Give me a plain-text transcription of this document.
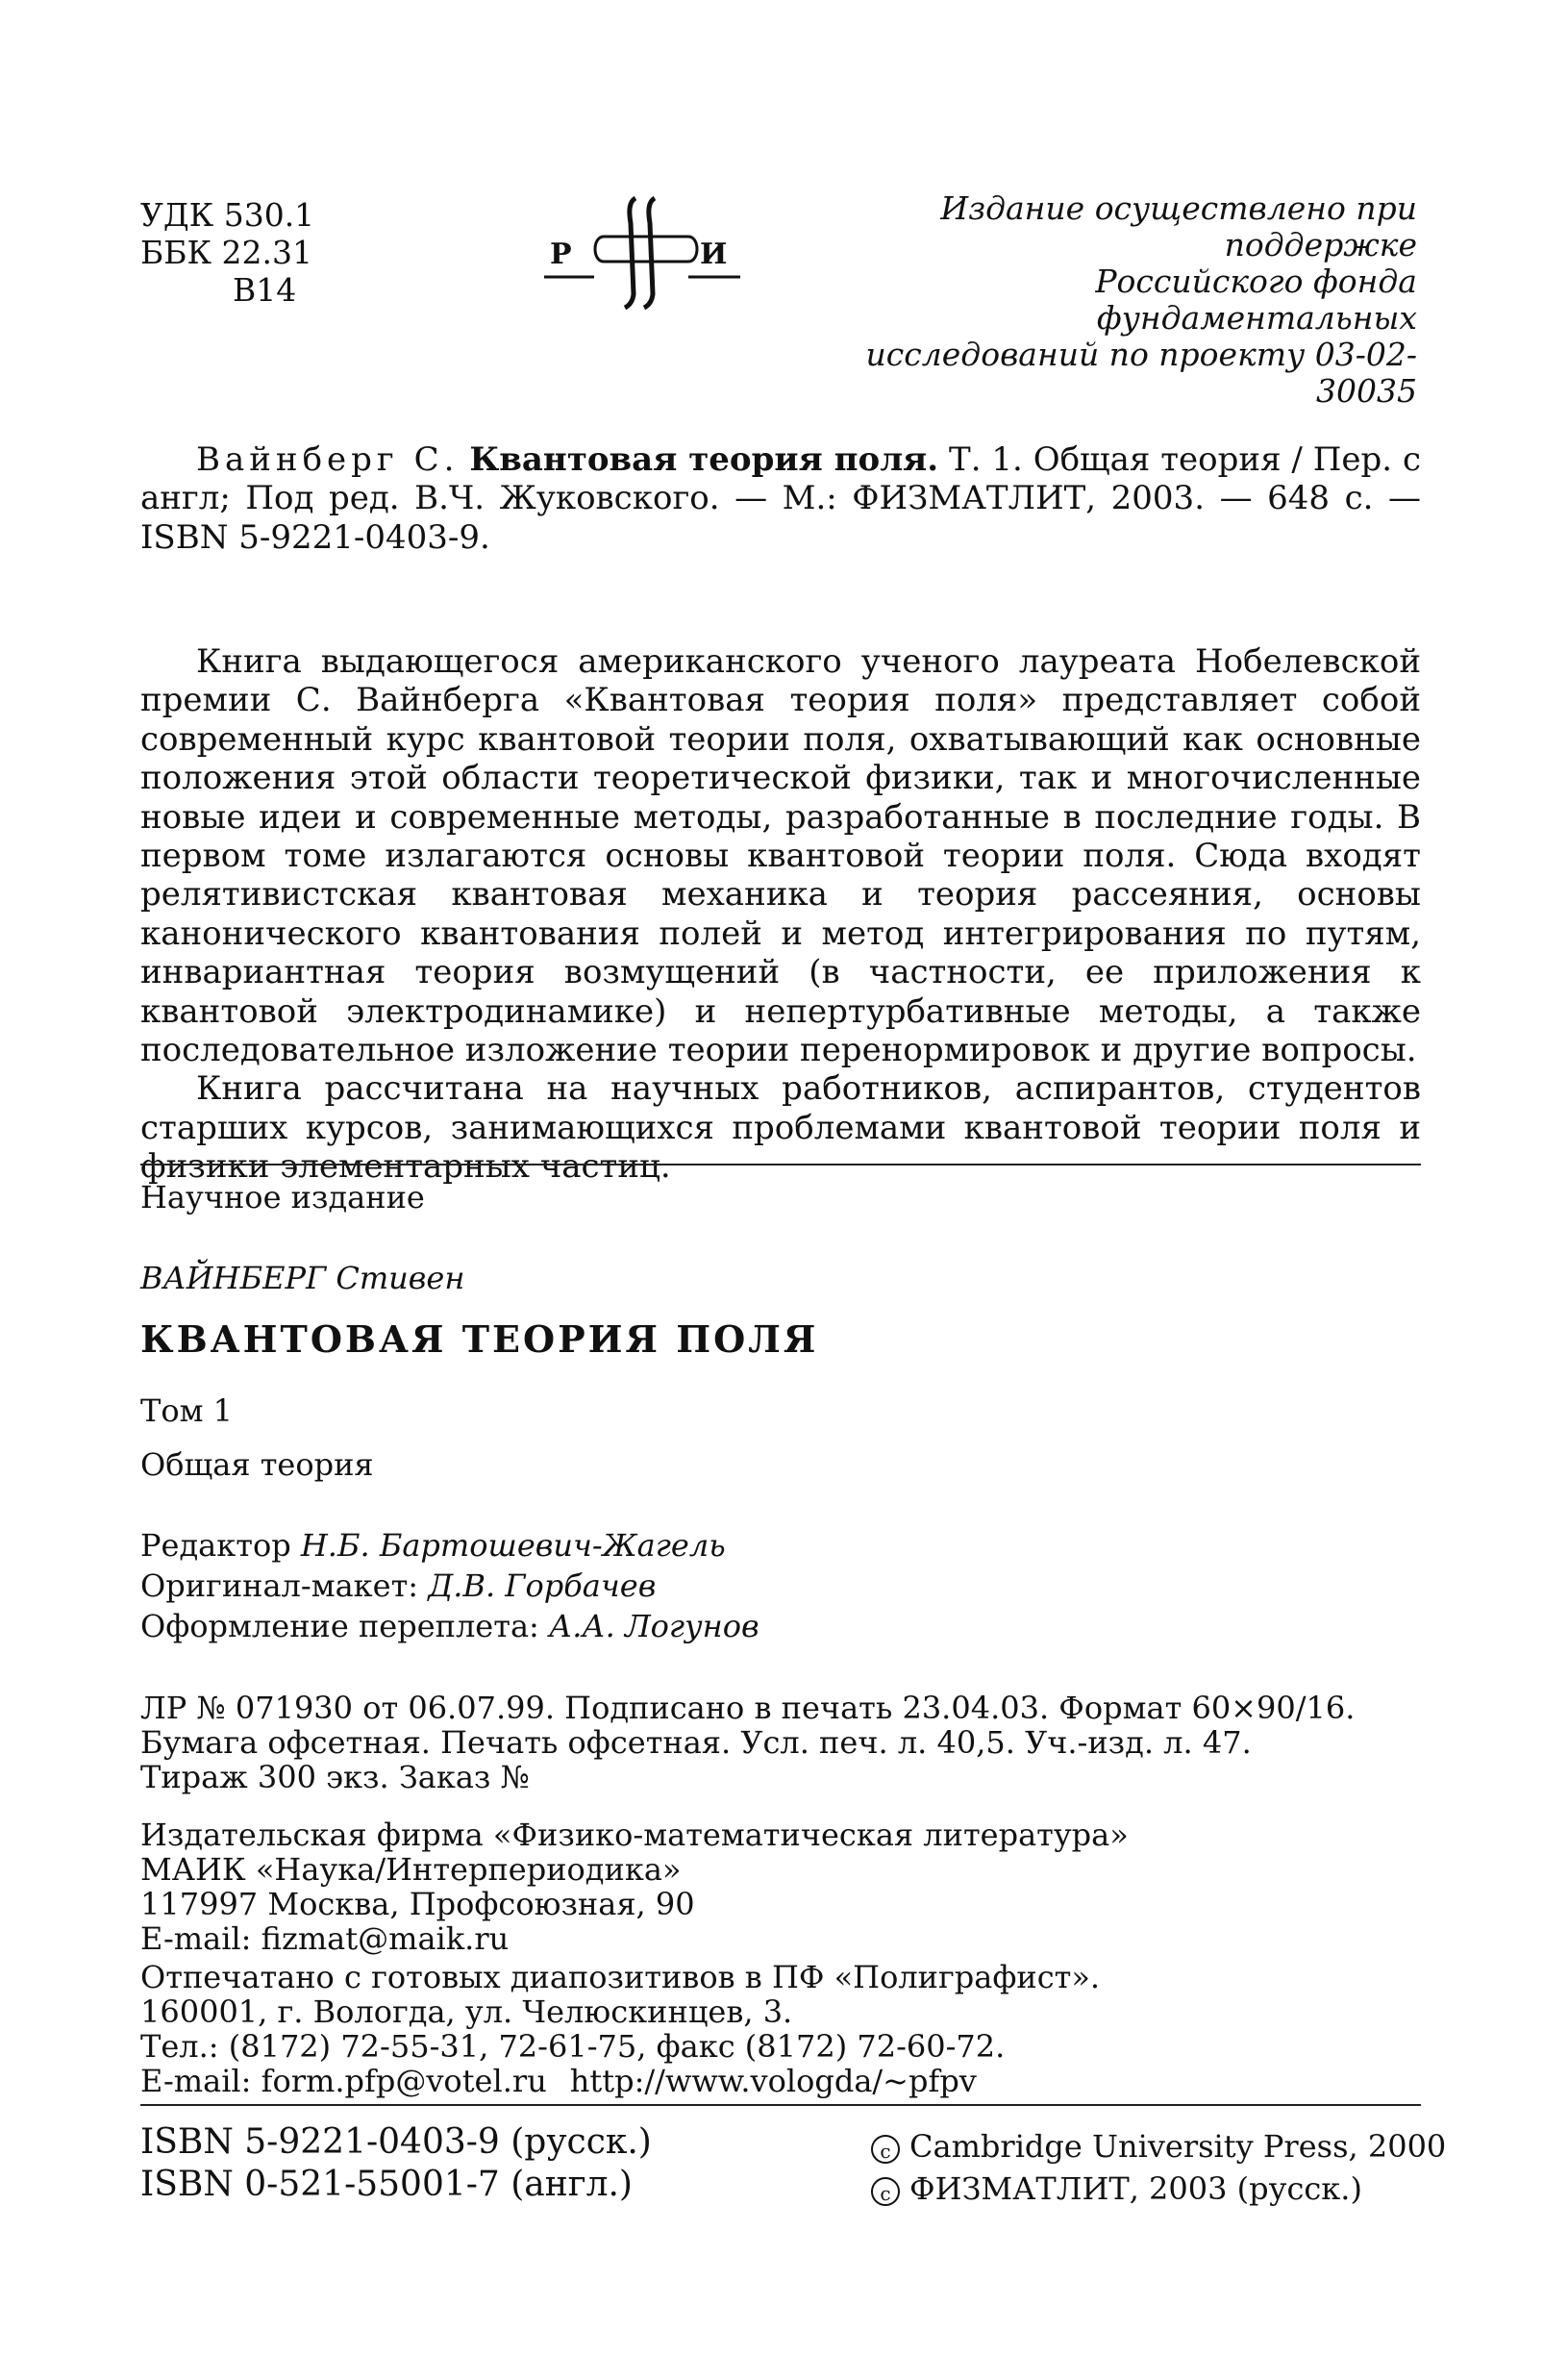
УДК 530.1
ББК 22.31
В14
Р	И
Издание осуществлено при поддержке
Российского фонда фундаментальных
исследований по проекту 03-02-30035
Вайнберг С. Квантовая теория поля. Т. 1. Общая теория / Пер. с англ; Под ред. В.Ч. Жуковского. — М.: ФИЗМАТЛИТ, 2003. — 648 с. — ISBN 5-9221-0403-9.

Книга выдающегося американского ученого лауреата Нобелевской премии С. Вайнберга «Квантовая теория поля» представляет собой современный курс квантовой теории поля, охватывающий как основные положения этой области теоретической физики, так и многочисленные новые идеи и современные методы, разработанные в последние годы. В первом томе излагаются основы квантовой теории поля. Сюда входят релятивистская квантовая механика и теория рассеяния, основы канонического квантования полей и метод интегрирования по путям, инвариантная теория возмущений (в частности, ее приложения к квантовой электродинамике) и непертурбативные методы, а также последовательное изложение теории перенормировок и другие вопросы.

Книга рассчитана на научных работников, аспирантов, студентов старших курсов, занимающихся проблемами квантовой теории поля и физики элементарных частиц.

Научное издание
ВАЙНБЕРГ Стивен
КВАНТОВАЯ ТЕОРИЯ ПОЛЯ
Том 1
Общая теория
Редактор Н.Б. Бартошевич-Жагель
Оригинал-макет: Д.В. Горбачев
Оформление переплета: А.А. Логунов
ЛР № 071930 от 06.07.99. Подписано в печать 23.04.03. Формат 60×90/16.
Бумага офсетная. Печать офсетная. Усл. печ. л. 40,5. Уч.-изд. л. 47.
Тираж 300 экз. Заказ №
Издательская фирма «Физико-математическая литература»
МАИК «Наука/Интерпериодика»
117997 Москва, Профсоюзная, 90
E-mail: fizmat@maik.ru
Отпечатано с готовых диапозитивов в ПФ «Полиграфист».
160001, г. Вологда, ул. Челюскинцев, 3.
Тел.: (8172) 72-55-31, 72-61-75, факс (8172) 72-60-72.
E-mail: form.pfp@votel.ru http://www.vologda/~pfpv
ISBN 5-9221-0403-9 (русск.)
ISBN 0-521-55001-7 (англ.)
c Cambridge University Press, 2000
c ФИЗМАТЛИТ, 2003 (русск.)
